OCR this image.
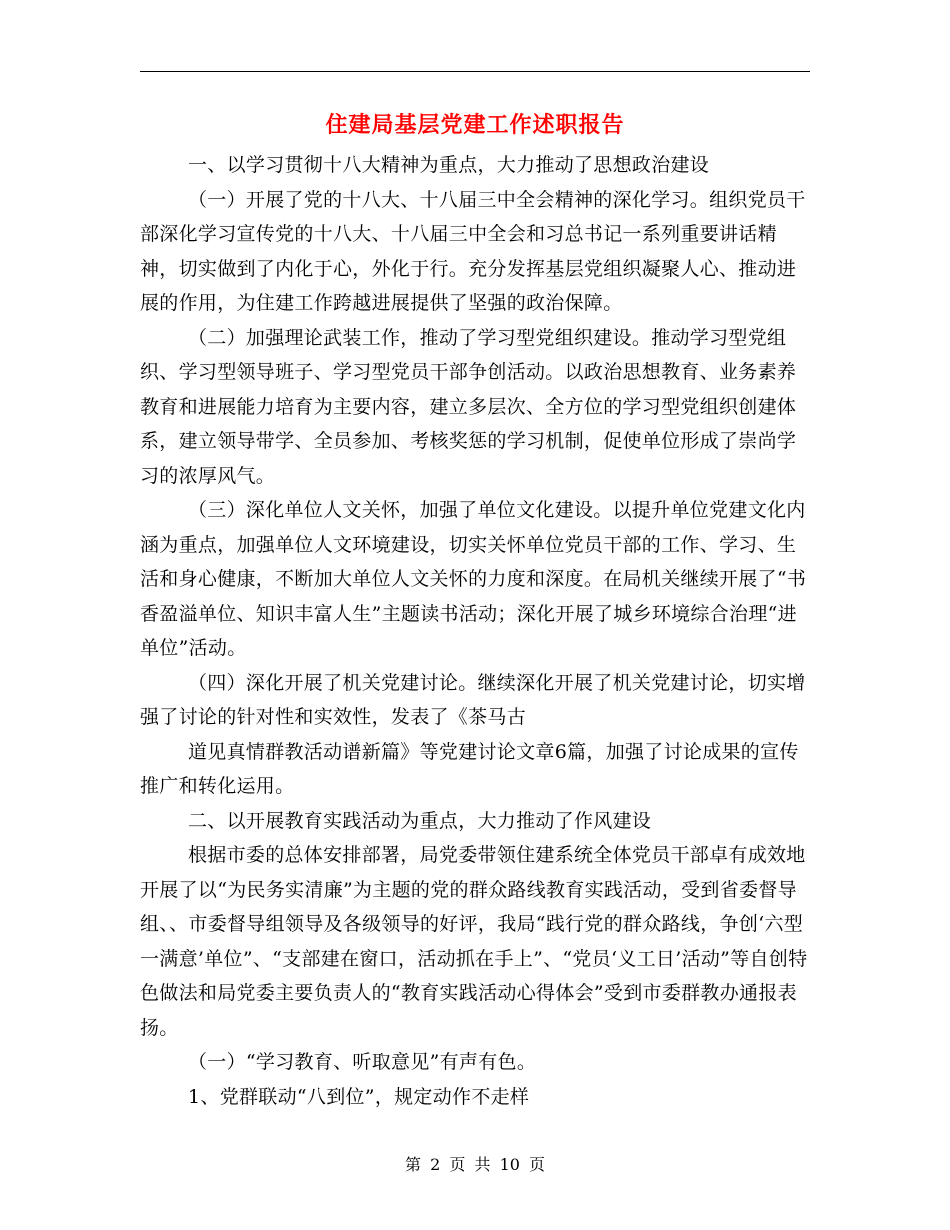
住建局基层党建工作述职报告

一、以学习贯彻十八大精神为重点，大力推动了思想政治建设

（一）开展了党的十八大、十八届三中全会精神的深化学习。组织党员干部深化学习宣传党的十八大、十八届三中全会和习总书记一系列重要讲话精神，切实做到了内化于心，外化于行。充分发挥基层党组织凝聚人心、推动进展的作用，为住建工作跨越进展提供了坚强的政治保障。

（二）加强理论武装工作，推动了学习型党组织建设。推动学习型党组织、学习型领导班子、学习型党员干部争创活动。以政治思想教育、业务素养教育和进展能力培育为主要内容，建立多层次、全方位的学习型党组织创建体系，建立领导带学、全员参加、考核奖惩的学习机制，促使单位形成了崇尚学习的浓厚风气。

（三）深化单位人文关怀，加强了单位文化建设。以提升单位党建文化内涵为重点，加强单位人文环境建设，切实关怀单位党员干部的工作、学习、生活和身心健康，不断加大单位人文关怀的力度和深度。在局机关继续开展了“书香盈溢单位、知识丰富人生”主题读书活动；深化开展了城乡环境综合治理“进单位”活动。

（四）深化开展了机关党建讨论。继续深化开展了机关党建讨论，切实增强了讨论的针对性和实效性，发表了《茶马古

道见真情群教活动谱新篇》等党建讨论文章6篇，加强了讨论成果的宣传推广和转化运用。

二、以开展教育实践活动为重点，大力推动了作风建设

根据市委的总体安排部署，局党委带领住建系统全体党员干部卓有成效地开展了以“为民务实清廉”为主题的党的群众路线教育实践活动，受到省委督导组、、市委督导组领导及各级领导的好评，我局“践行党的群众路线，争创‘六型一满意’单位”、“支部建在窗口，活动抓在手上”、“党员‘义工日’活动”等自创特色做法和局党委主要负责人的“教育实践活动心得体会”受到市委群教办通报表扬。

（一）“学习教育、听取意见”有声有色。

1、党群联动“八到位”，规定动作不走样

第 2 页 共 10 页
